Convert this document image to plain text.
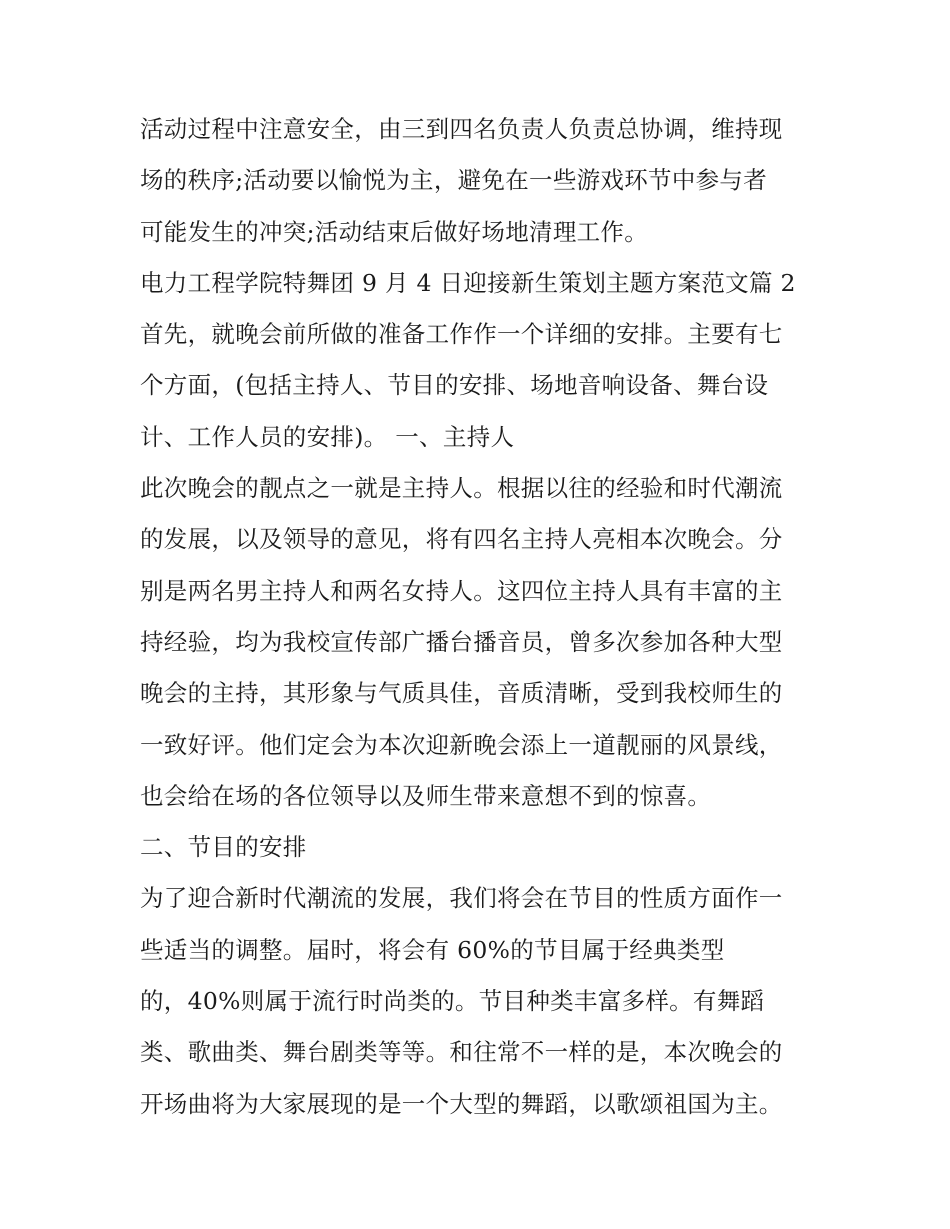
活动过程中注意安全，由三到四名负责人负责总协调，维持现
场的秩序;活动要以愉悦为主，避免在一些游戏环节中参与者
可能发生的冲突;活动结束后做好场地清理工作。
电力工程学院特舞团 9 月 4 日迎接新生策划主题方案范文篇 2
首先，就晚会前所做的准备工作作一个详细的安排。主要有七
个方面，(包括主持人、节目的安排、场地音响设备、舞台设
计、工作人员的安排)。 一、主持人
此次晚会的靓点之一就是主持人。根据以往的经验和时代潮流
的发展，以及领导的意见，将有四名主持人亮相本次晚会。分
别是两名男主持人和两名女持人。这四位主持人具有丰富的主
持经验，均为我校宣传部广播台播音员，曾多次参加各种大型
晚会的主持，其形象与气质具佳，音质清晰，受到我校师生的
一致好评。他们定会为本次迎新晚会添上一道靓丽的风景线，
也会给在场的各位领导以及师生带来意想不到的惊喜。
二、节目的安排
为了迎合新时代潮流的发展，我们将会在节目的性质方面作一
些适当的调整。届时，将会有 60%的节目属于经典类型
的，40%则属于流行时尚类的。节目种类丰富多样。有舞蹈
类、歌曲类、舞台剧类等等。和往常不一样的是，本次晚会的
开场曲将为大家展现的是一个大型的舞蹈，以歌颂祖国为主。
